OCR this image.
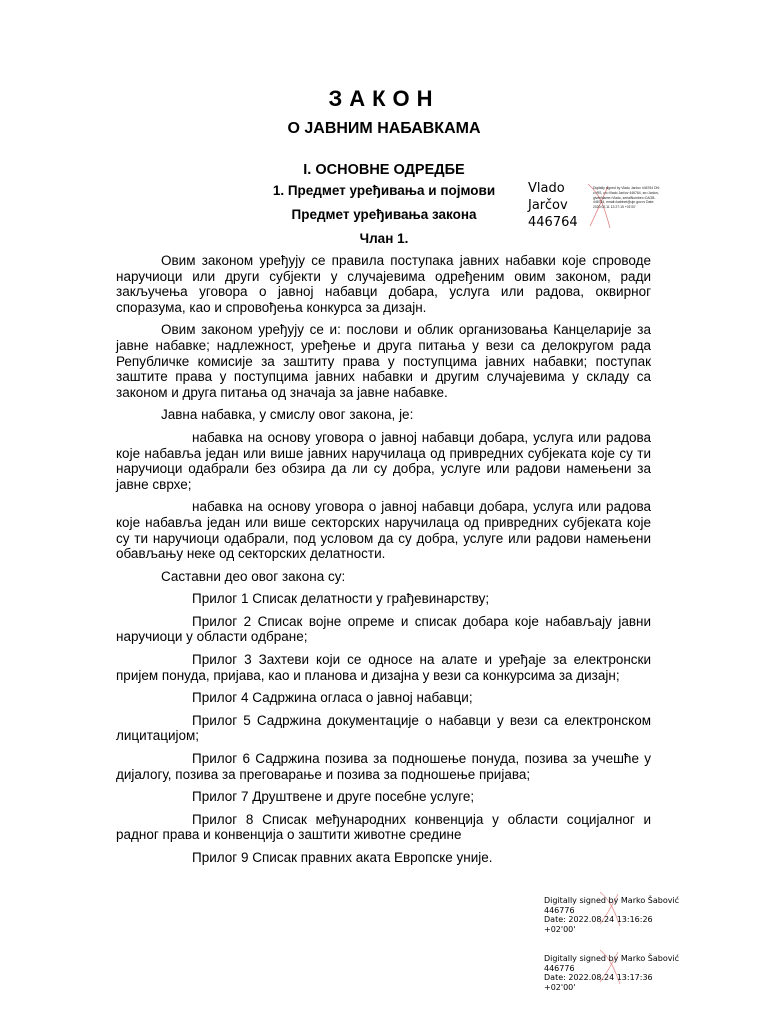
ЗАКОН
О ЈАВНИМ НАБАВКАМА
I. ОСНОВНЕ ОДРЕДБЕ
1. Предмет уређивања и појмови
Предмет уређивања закона
Члан 1.

Овим законом уређују се правила поступака јавних набавки које спроводе наручиоци или други субјекти у случајевима одређеним овим законом, ради закључења уговора о јавној набавци добара, услуга или радова, оквирног споразума, као и спровођења конкурса за дизајн.

Овим законом уређују се и: послови и облик организовања Канцеларије за јавне набавке; надлежност, уређење и друга питања у вези са делокругом рада Републичке комисије за заштиту права у поступцима јавних набавки; поступак заштите права у поступцима јавних набавки и другим случајевима у складу са законом и друга питања од значаја за јавне набавке.

Јавна набавка, у смислу овог закона, је:

набавка на основу уговора о јавној набавци добара, услуга или радова које набавља један или више јавних наручилаца од привредних субјеката које су ти наручиоци одабрали без обзира да ли су добра, услуге или радови намењени за јавне сврхе;

набавка на основу уговора о јавној набавци добара, услуга или радова које набавља један или више секторских наручилаца од привредних субјеката које су ти наручиоци одабрали, под условом да су добра, услуге или радови намењени обављању неке од секторских делатности.

Саставни део овог закона су:

Прилог 1 Списак делатности у грађевинарству;

Прилог 2 Списак војне опреме и списак добара које набављају јавни наручиоци у области одбране;

Прилог 3 Захтеви који се односе на алате и уређаје за електронски пријем понуда, пријава, као и планова и дизајна у вези са конкурсима за дизајн;

Прилог 4 Садржина огласа о јавној набавци;

Прилог 5 Садржина документације о набавци у вези са електронском лицитацијом;

Прилог 6 Садржина позива за подношење понуда, позива за учешће у дијалогу, позива за преговарање и позива за подношење пријава;

Прилог 7 Друштвене и друге посебне услуге;

Прилог 8 Списак међународних конвенција у области социјалног и радног права и конвенција о заштити животне средине

Прилог 9 Списак правних аката Европске уније.

Vlado
Jarčov
446764
Digitally signed by Vlado Jarčov 446764 DN: c=RS, cn=Vlado Jarčov 446764, sn=Jarčov, givenName=Vlado, serialNumber=CAGB-446764, email=kabinet@ujn.gov.rs Date: 2020.02.11 12:27:15 +01'00'
Digitally signed by Marko Šabović
446776
Date: 2022.08.24 13:16:26 +02'00'
Digitally signed by Marko Šabović
446776
Date: 2022.08.24 13:17:36 +02'00'
